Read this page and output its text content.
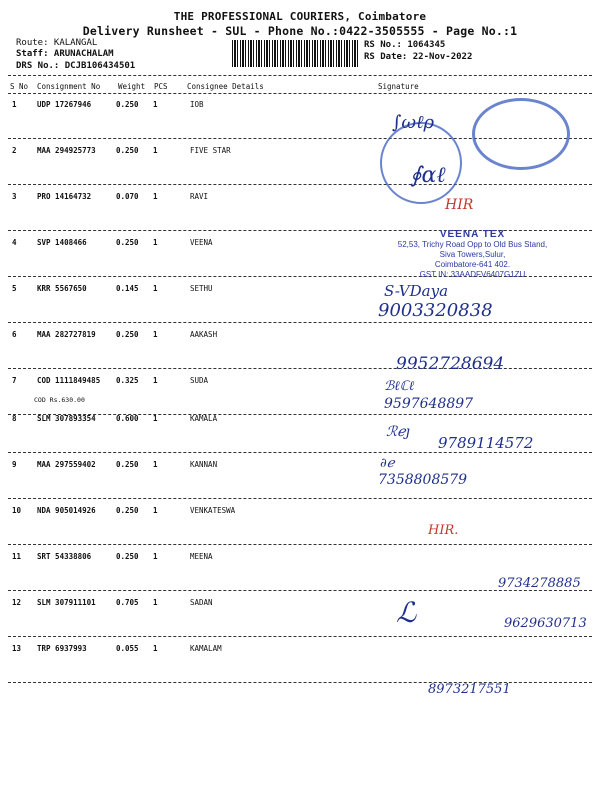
THE PROFESSIONAL COURIERS, Coimbatore
Delivery Runsheet - SUL - Phone No.:0422-3505555 - Page No.:1
Route: KALANGAL
Staff: ARUNACHALAM
DRS No.: DCJB106434501
RS No.: 1064345
RS Date: 22-Nov-2022
S No Consignment No Weight PCS	Consignee Details	Signature
1	UDP 17267946	0.250 1	IOB
2	MAA 294925773	0.250 1	FIVE STAR
3	PRO 14164732	0.070 1	RAVI
4	SVP 1408466	0.250 1	VEENA
5	KRR 5567650	0.145 1	SETHU
6	MAA 282727819	0.250 1	AAKASH
7	COD 1111849485 0.325 1	SUDA
8	SLM 307893354	0.600 1	KAMALA
9	MAA 297559402	0.250 1	KANNAN
10 NDA 905014926	0.250 1	VENKATESWA
11 SRT 54338806	0.250 1	MEENA
12 SLM 307911101	0.705 1	SADAN
13 TRP 6937993	0.055 1	KAMALAM
COD Rs.630.00
∫ωℓρ
∮αℓ
HIR
VEENA TEX
52,53, Trichy Road Opp to Old Bus Stand,
Siva Towers,Sulur,
Coimbatore-641 402.
GST IN: 33AADFV6407G1ZU
S-VDaya
9003320838
9952728694
ℬℓℂℓ
9597648897
ℛℯȷ
9789114572
∂ℯ
7358808579
HIR.
9734278885
ℒ	9629630713
8973217551
